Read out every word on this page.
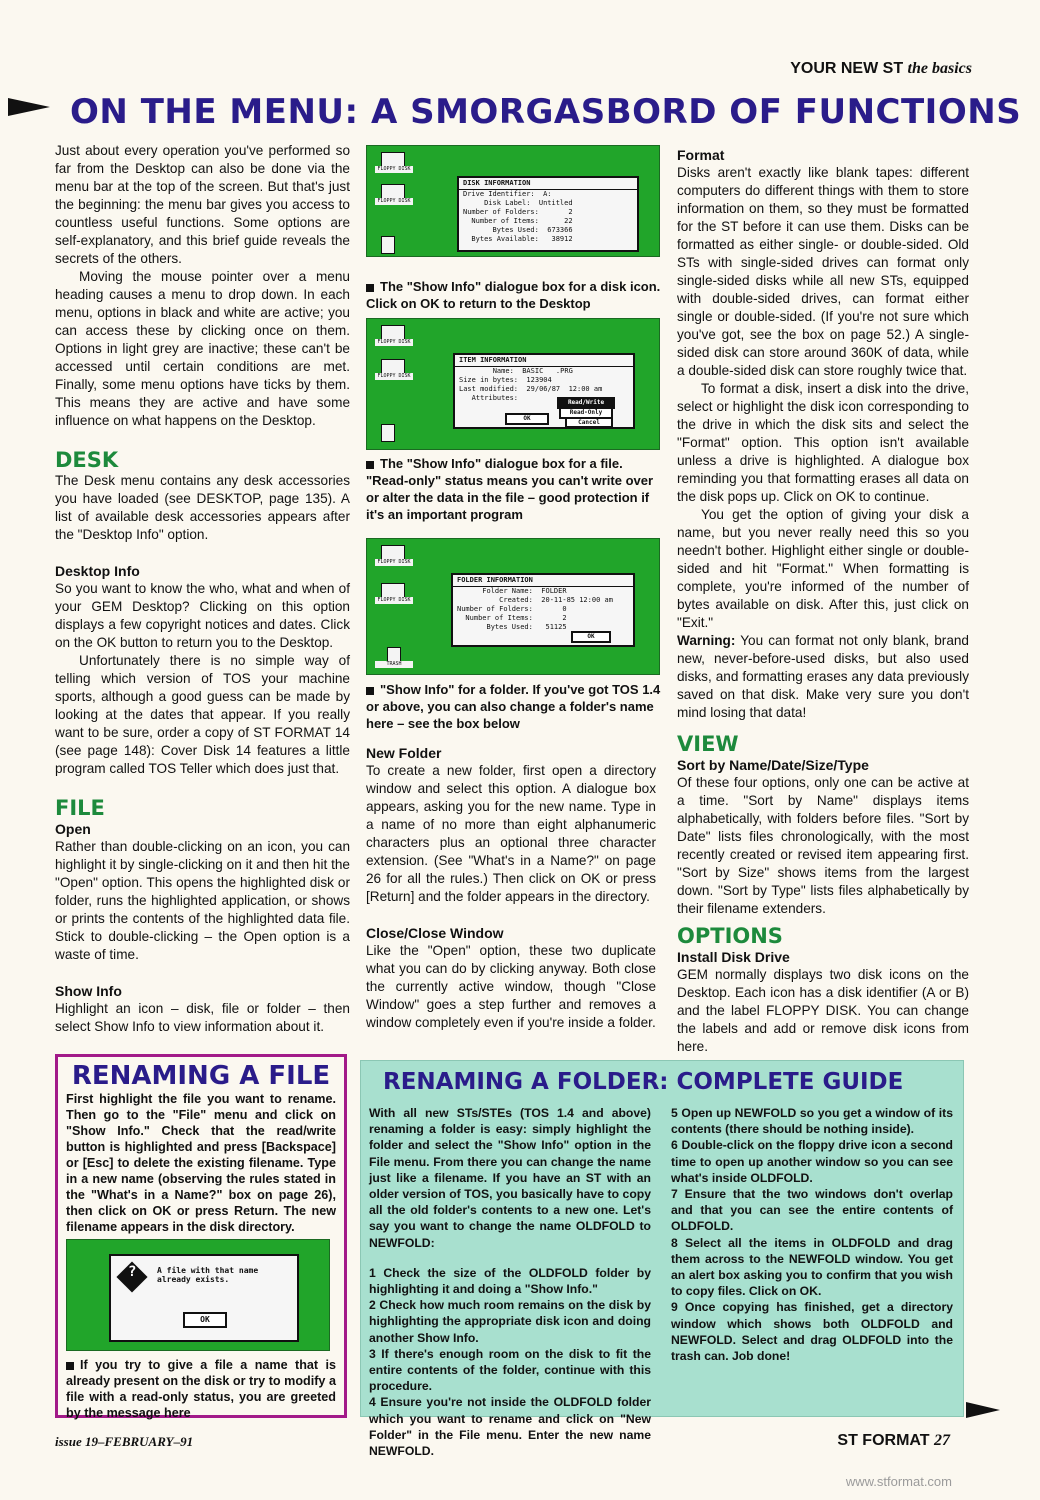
YOUR NEW ST the basics
ON THE MENU: A SMORGASBORD OF FUNCTIONS

Just about every operation you've performed so far from the Desktop can also be done via the menu bar at the top of the screen. But that's just the beginning: the menu bar gives you access to countless useful functions. Some options are self-explanatory, and this brief guide reveals the secrets of the others.

Moving the mouse pointer over a menu heading causes a menu to drop down. In each menu, options in black and white are active; you can access these by clicking once on them. Options in light grey are inactive; these can't be accessed until certain conditions are met. Finally, some menu options have ticks by them. This means they are active and have some influence on what happens on the Desktop.

DESK

The Desk menu contains any desk accessories you have loaded (see DESKTOP, page 135). A list of available desk accessories appears after the "Desktop Info" option.

Desktop Info

So you want to know the who, what and when of your GEM Desktop? Clicking on this option displays a few copyright notices and dates. Click on the OK button to return you to the Desktop.

Unfortunately there is no simple way of telling which version of TOS your machine sports, although a good guess can be made by looking at the dates that appear. If you really want to be sure, order a copy of ST FORMAT 14 (see page 148): Cover Disk 14 features a little program called TOS Teller which does just that.

FILE

Open

Rather than double-clicking on an icon, you can highlight it by single-clicking on it and then hit the "Open" option. This opens the highlighted disk or folder, runs the highlighted application, or shows or prints the contents of the highlighted data file. Stick to double-clicking – the Open option is a waste of time.

Show Info

Highlight an icon – disk, file or folder – then select Show Info to view information about it.

FLOPPY DISK
FLOPPY DISK
DISK INFORMATION
Drive Identifier:  A:
Disk Label:  Untitled
Number of Folders:       2
Number of Items:      22
Bytes Used:  673366
Bytes Available:   38912
The "Show Info" dialogue box for a disk icon. Click on OK to return to the Desktop
FLOPPY DISK
FLOPPY DISK
ITEM INFORMATION
Name:  BASIC   .PRG
Size in bytes:  123904
Last modified:  29/06/87  12:00 am
Attributes:
Read/Write
Read-Only
OK
Cancel
The "Show Info" dialogue box for a file. "Read-only" status means you can't write over or alter the data in the file – good protection if it's an important program
FLOPPY DISK
FLOPPY DISK
TRASH
FOLDER INFORMATION
Folder Name:  FOLDER
Created:  20-11-85 12:00 am
Number of Folders:       0
Number of Items:       2
Bytes Used:   51125
OK
"Show Info" for a folder. If you've got TOS 1.4 or above, you can also change a folder's name here – see the box below

New Folder

To create a new folder, first open a directory window and select this option. A dialogue box appears, asking you for the new name. Type in a name of no more than eight alphanumeric characters plus an optional three character extension. (See "What's in a Name?" on page 26 for all the rules.) Then click on OK or press [Return] and the folder appears in the directory.

Close/Close Window

Like the "Open" option, these two duplicate what you can do by clicking anyway. Both close the currently active window, though "Close Window" goes a step further and removes a window completely even if you're inside a folder.

Format

Disks aren't exactly like blank tapes: different computers do different things with them to store information on them, so they must be formatted for the ST before it can use them. Disks can be formatted as either single- or double-sided. Old STs with single-sided drives can format only single-sided disks while all new STs, equipped with double-sided drives, can format either single or double-sided. (If you're not sure which you've got, see the box on page 52.) A single-sided disk can store around 360K of data, while a double-sided disk can store roughly twice that.

To format a disk, insert a disk into the drive, select or highlight the disk icon corresponding to the drive in which the disk sits and select the "Format" option. This option isn't available unless a drive is highlighted. A dialogue box reminding you that formatting erases all data on the disk pops up. Click on OK to continue.

You get the option of giving your disk a name, but you never really need this so you needn't bother. Highlight either single or double-sided and hit "Format." When formatting is complete, you're informed of the number of bytes available on disk. After this, just click on "Exit."

Warning: You can format not only blank, brand new, never-before-used disks, but also used disks, and formatting erases any data previously saved on that disk. Make very sure you don't mind losing that data!

VIEW

Sort by Name/Date/Size/Type

Of these four options, only one can be active at a time. "Sort by Name" displays items alphabetically, with folders before files. "Sort by Date" lists files chronologically, with the most recently created or revised item appearing first. "Sort by Size" shows items from the largest down. "Sort by Type" lists files alphabetically by their filename extenders.

OPTIONS

Install Disk Drive

GEM normally displays two disk icons on the Desktop. Each icon has a disk identifier (A or B) and the label FLOPPY DISK. You can change the labels and add or remove disk icons from here.

RENAMING A FILE
First highlight the file you want to rename. Then go to the "File" menu and click on "Show Info." Check that the read/write button is highlighted and press [Backspace] or [Esc] to delete the existing filename. Type in a new name (observing the rules stated in the "What's in a Name?" box on page 26), then click on OK or press Return. The new filename appears in the disk directory.
?	A file with that name
already exists.
OK
If you try to give a file a name that is already present on the disk or try to modify a file with a read-only status, you are greeted by the message here
RENAMING A FOLDER: COMPLETE GUIDE

With all new STs/STEs (TOS 1.4 and above) renaming a folder is easy: simply highlight the folder and select the "Show Info" option in the File menu. From there you can change the name just like a filename. If you have an ST with an older version of TOS, you basically have to copy all the old folder's contents to a new one. Let's say you want to change the name OLDFOLD to NEWFOLD:

1 Check the size of the OLDFOLD folder by highlighting it and doing a "Show Info."

2 Check how much room remains on the disk by highlighting the appropriate disk icon and doing another Show Info.

3 If there's enough room on the disk to fit the entire contents of the folder, continue with this procedure.

4 Ensure you're not inside the OLDFOLD folder which you want to rename and click on "New Folder" in the File menu. Enter the new name NEWFOLD.

5 Open up NEWFOLD so you get a window of its contents (there should be nothing inside).

6 Double-click on the floppy drive icon a second time to open up another window so you can see what's inside OLDFOLD.

7 Ensure that the two windows don't overlap and that you can see the entire contents of OLDFOLD.

8 Select all the items in OLDFOLD and drag them across to the NEWFOLD window. You get an alert box asking you to confirm that you wish to copy files. Click on OK.

9 Once copying has finished, get a directory window which shows both OLDFOLD and NEWFOLD. Select and drag OLDFOLD into the trash can. Job done!

issue 19–FEBRUARY–91	ST FORMAT 27
www.stformat.com
